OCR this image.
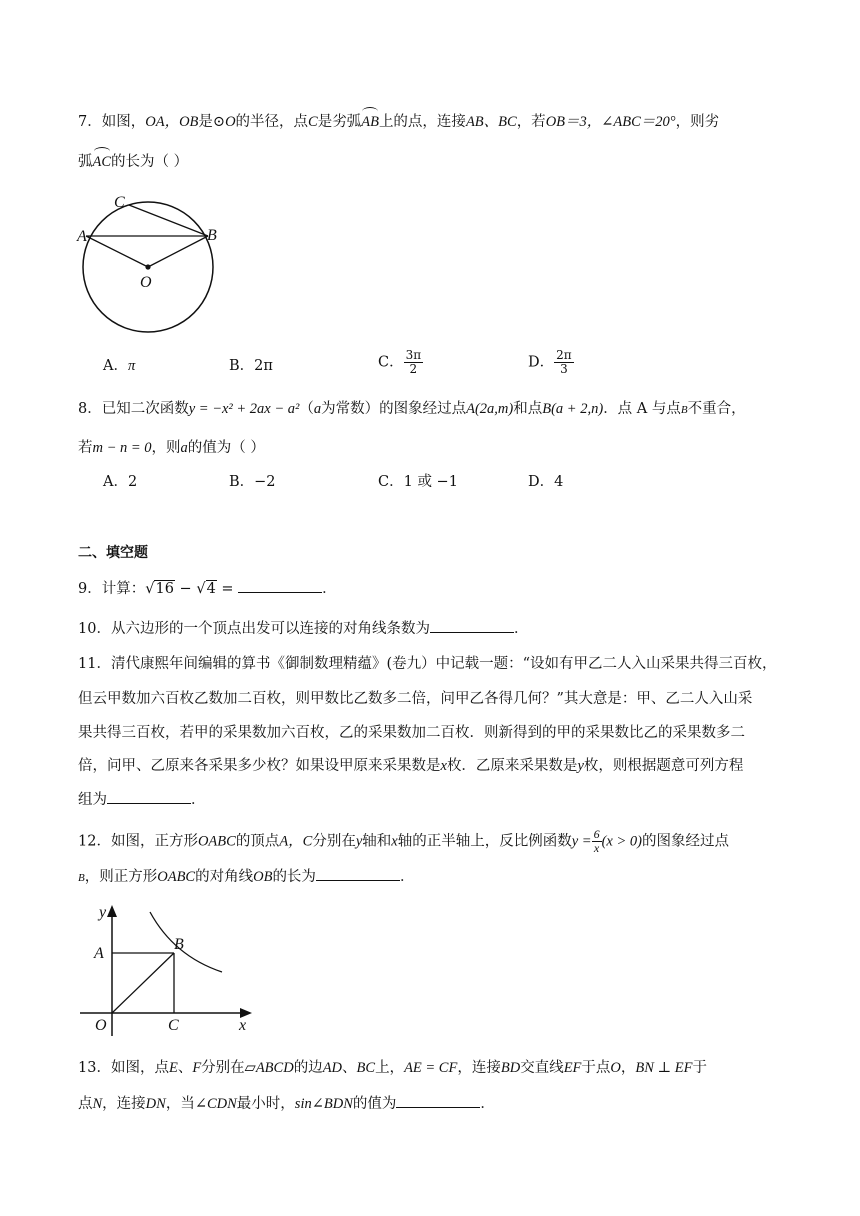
7．如图，OA，OB是⊙O的半径，点C是劣弧AB上的点，连接AB、BC，若OB＝3，∠ABC＝20°，则劣
弧AC的长为（ ）
C
A	B
O
A．π	B．2π	C． $\frac{3\pi}{2}$	D． $\frac{2\pi}{3}$
8．已知二次函数y = −x² + 2ax − a²（a为常数）的图象经过点A(2a,m)和点B(a + 2,n)．点 A 与点B不重合，
若m − n = 0，则a的值为（ ）
A．2	B．−2	C．1 或 −1	D．4
二、填空题
9．计算：√16 − √4 =	．
10．从六边形的一个顶点出发可以连接的对角线条数为	．
11．清代康熙年间编辑的算书《御制数理精蕴》(卷九）中记载一题：“设如有甲乙二人入山采果共得三百枚，
但云甲数加六百枚乙数加二百枚，则甲数比乙数多二倍，问甲乙各得几何？”其大意是：甲、乙二人入山采
果共得三百枚，若甲的采果数加六百枚，乙的采果数加二百枚．则新得到的甲的采果数比乙的采果数多二
倍，问甲、乙原来各采果多少枚？如果设甲原来采果数是x枚．乙原来采果数是y枚，则根据题意可列方程
组为	．
12．如图，正方形OABC的顶点A，C分别在y轴和x轴的正半轴上，反比例函数$y = \frac{6}{x} (x > 0)$的图象经过点
B，则正方形OABC的对角线OB的长为	．
y
x
A
B
O	C
13．如图，点E、F分别在▱ABCD的边AD、BC上，AE = CF，连接BD交直线EF于点O，BN ⊥ EF于
点N，连接DN，当∠CDN最小时，sin∠BDN的值为	．
